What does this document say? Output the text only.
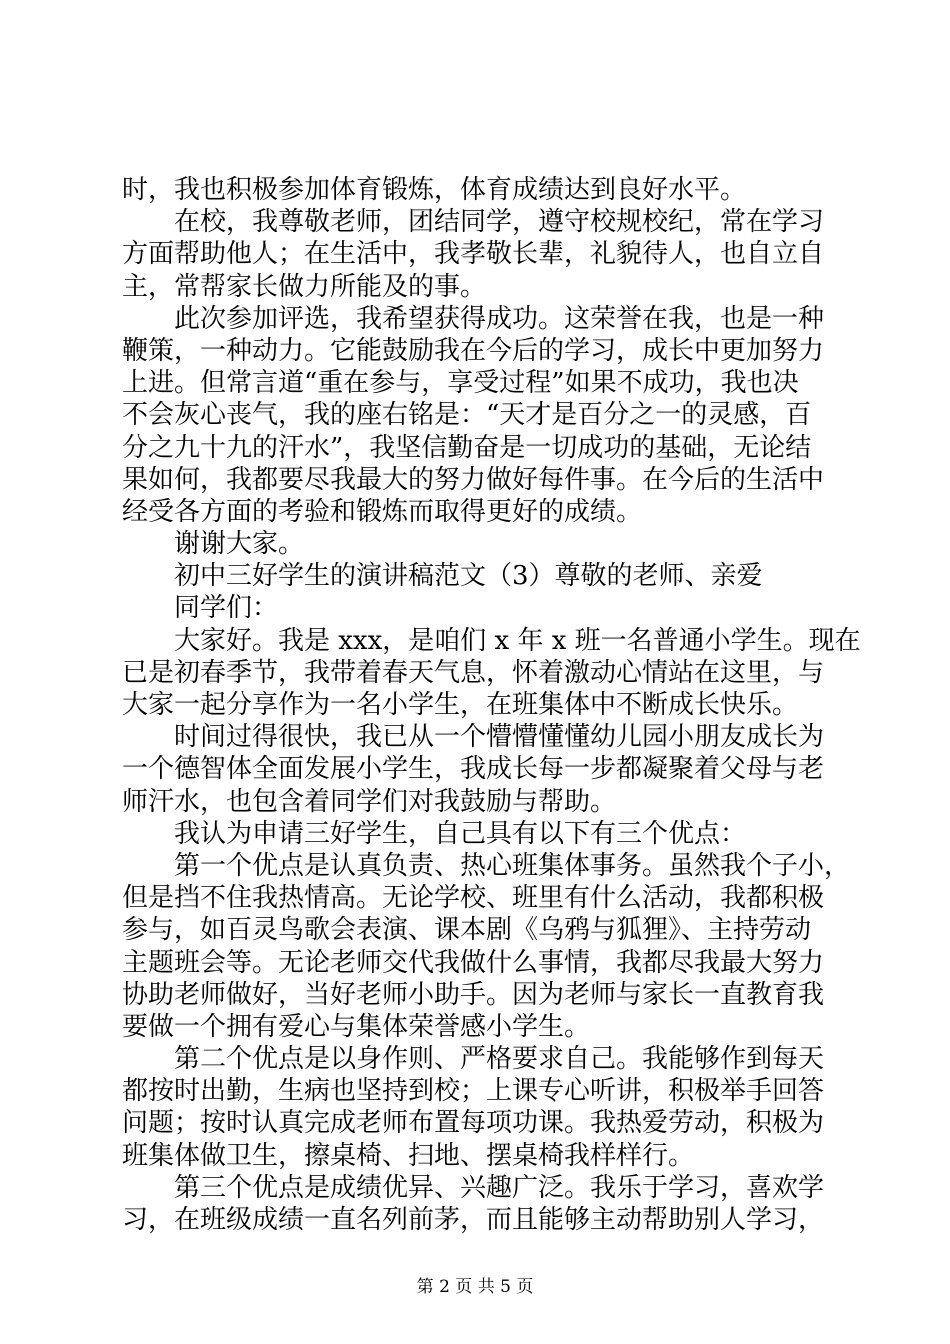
时，我也积极参加体育锻炼，体育成绩达到良好水平。
在校，我尊敬老师，团结同学，遵守校规校纪，常在学习
方面帮助他人；在生活中，我孝敬长辈，礼貌待人，也自立自
主，常帮家长做力所能及的事。
此次参加评选，我希望获得成功。这荣誉在我，也是一种
鞭策，一种动力。它能鼓励我在今后的学习，成长中更加努力
上进。但常言道“重在参与，享受过程”如果不成功，我也决
不会灰心丧气，我的座右铭是：“天才是百分之一的灵感，百
分之九十九的汗水”，我坚信勤奋是一切成功的基础，无论结
果如何，我都要尽我最大的努力做好每件事。在今后的生活中
经受各方面的考验和锻炼而取得更好的成绩。
谢谢大家。
初中三好学生的演讲稿范文（3）尊敬的老师、亲爱
同学们：
大家好。我是 xxx，是咱们 x 年 x 班一名普通小学生。现在
已是初春季节，我带着春天气息，怀着激动心情站在这里，与
大家一起分享作为一名小学生，在班集体中不断成长快乐。
时间过得很快，我已从一个懵懵懂懂幼儿园小朋友成长为
一个德智体全面发展小学生，我成长每一步都凝聚着父母与老
师汗水，也包含着同学们对我鼓励与帮助。
我认为申请三好学生，自己具有以下有三个优点：
第一个优点是认真负责、热心班集体事务。虽然我个子小，
但是挡不住我热情高。无论学校、班里有什么活动，我都积极
参与，如百灵鸟歌会表演、课本剧《乌鸦与狐狸》、主持劳动
主题班会等。无论老师交代我做什么事情，我都尽我最大努力
协助老师做好，当好老师小助手。因为老师与家长一直教育我
要做一个拥有爱心与集体荣誉感小学生。
第二个优点是以身作则、严格要求自己。我能够作到每天
都按时出勤，生病也坚持到校；上课专心听讲，积极举手回答
问题；按时认真完成老师布置每项功课。我热爱劳动，积极为
班集体做卫生，擦桌椅、扫地、摆桌椅我样样行。
第三个优点是成绩优异、兴趣广泛。我乐于学习，喜欢学
习，在班级成绩一直名列前茅，而且能够主动帮助别人学习，
第 2 页 共 5 页
